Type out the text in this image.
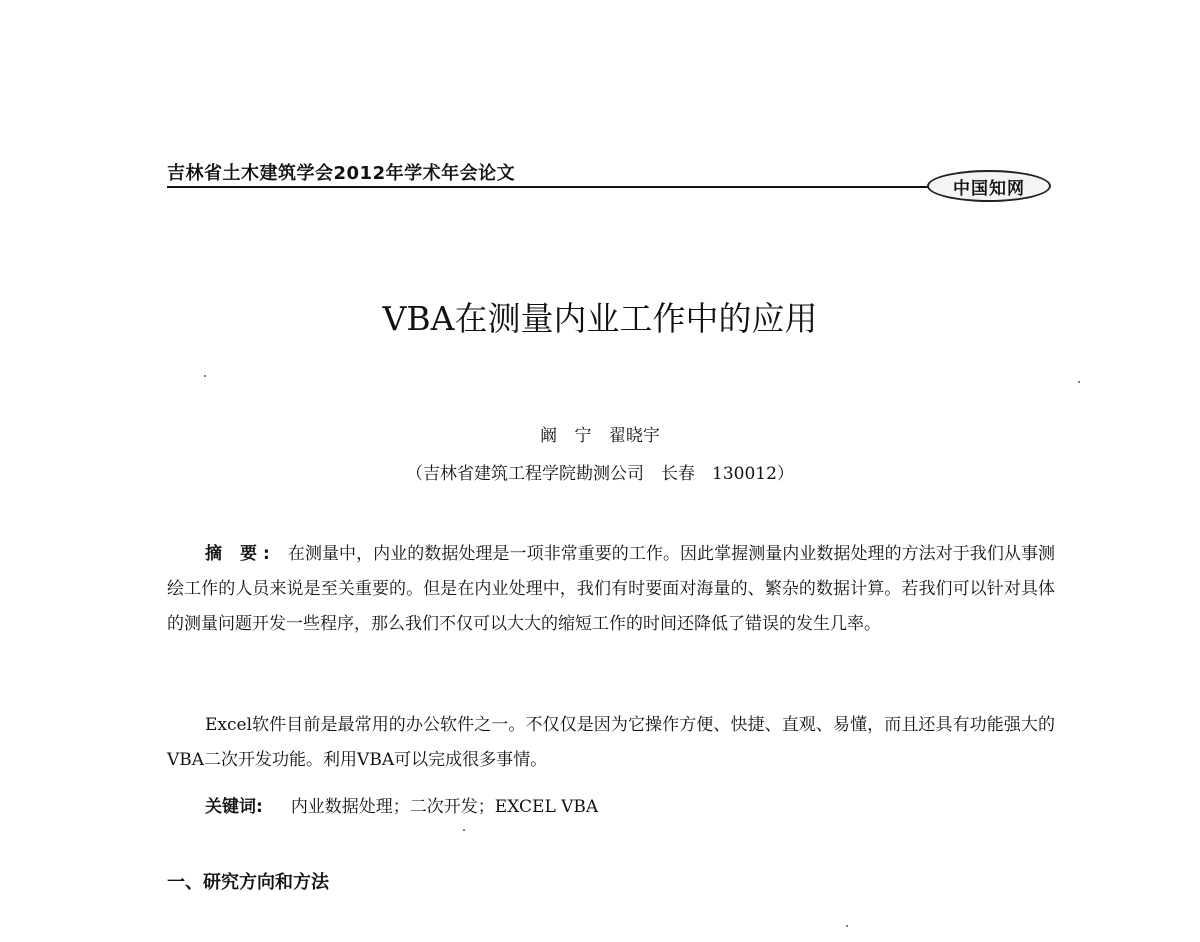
吉林省土木建筑学会2012年学术年会论文
中国知网
VBA在测量内业工作中的应用

阚 宁 翟晓宇

（吉林省建筑工程学院勘测公司　长春　130012）

摘 要: 在测量中，内业的数据处理是一项非常重要的工作。因此掌握测量内业数据处理的方法对于我们从事测绘工作的人员来说是至关重要的。但是在内业处理中，我们有时要面对海量的、繁杂的数据计算。若我们可以针对具体的测量问题开发一些程序，那么我们不仅可以大大的缩短工作的时间还降低了错误的发生几率。

Excel软件目前是最常用的办公软件之一。不仅仅是因为它操作方便、快捷、直观、易懂，而且还具有功能强大的VBA二次开发功能。利用VBA可以完成很多事情。

关键词: 内业数据处理；二次开发；EXCEL VBA

一、研究方向和方法
